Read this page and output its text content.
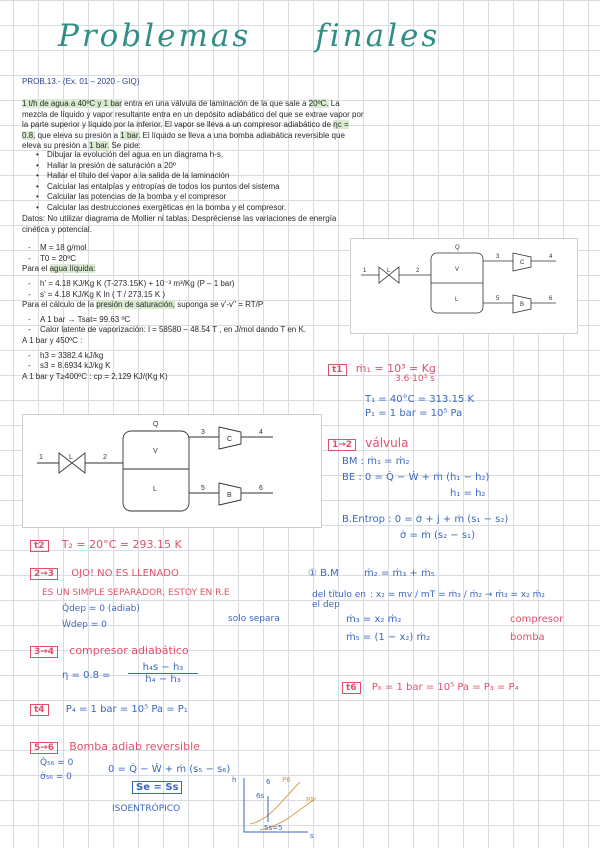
Problemas finales
PROB.13.- (Ex. 01 – 2020 - GIQ)
1 t/h de agua a 40ºC y 1 bar entra en una válvula de laminación de la que sale a 20ºC. La mezcla de líquido y vapor resultante entra en un depósito adiabático del que se extrae vapor por la parte superior y líquido por la inferior. El vapor se lleva a un compresor adiabático de ηc = 0.8, que eleva su presión a 1 bar. El líquido se lleva a una bomba adiabática reversible que eleva su presión a 1 bar. Se pide:
• Dibujar la evolución del agua en un diagrama h-s.
• Hallar la presión de saturación a 20º
• Hallar el título del vapor a la salida de la laminación
• Calcular las entalpías y entropías de todos los puntos del sistema
• Calcular las potencias de la bomba y el compresor
• Calcular las destrucciones exergéticas en la bomba y el compresor.
Datos: No utilizar diagrama de Mollier ni tablas. Despréciense las variaciones de energía cinética y potencial.
- M = 18 g/mol
- T0 = 20ºC
Para el agua líquida:
- h' = 4.18 KJ/Kg K (T-273.15K) + 10⁻³ m³/Kg (P – 1 bar)
- s' = 4.18 KJ/Kg K ln ( T / 273.15 K )
Para el cálculo de la presión de saturación, suponga se v'-v'' = RT/P
- A 1 bar → Tsat= 99.63 ºC
- Calor latente de vaporización: l = 58580 – 48.54 T , en J/mol dando T en K.
A 1 bar y 450ºC :
- h3 = 3382.4 kJ/kg
- s3 = 8.6934 kJ/kg K
A 1 bar y T≥400ºC : cp = 2,129 KJ/(Kg K)
1	L	2
Q
V
L
3
C
4
5
B
6
1	L	2
Q
V
L
3
C
4
5
B
6
t1 ṁ₁ = 10³ = Kg
3.6·10³ s
T₁ = 40°C = 313.15 K
P₁ = 1 bar = 10⁵ Pa
1→2 válvula
BM : ṁ₁ = ṁ₂
BE : 0 = Q̇ − Ẇ + ṁ (h₁ − h₂)
h₁ = h₂
B.Entrop : 0 = σ̇ + j + ṁ (s₁ − s₂)
σ̇ = ṁ (s₂ − s₁)
t2 T₂ = 20°C = 293.15 K
2→3 OJO! NO ES LLENADO
ES UN SIMPLE SEPARADOR, ESTOY EN R.E
Q̇dep = 0 (adiab)
Ẇdep = 0
solo separa
3→4 compresor adiabático
$\eta = 0.8 = \frac{\text{h₄s − h₃}}{\text{h₄ − h₃}}$
t4 P₄ = 1 bar = 10⁵ Pa = P₁
5→6 Bomba adiab reversible
Q̇₅₆ = 0
σ̇₅₆ = 0
0 = Q̇ − Ẇ + ṁ (s₅ − s₆)
Se = Ss
ISOENTRÓPICO
h
s
6
6s
P6
P5
5s=5
① B.M	ṁ₂ = ṁ₃ + ṁ₅
del título en el dep
: x₂ = mv / mT = ṁ₃ / ṁ₂ → ṁ₃ = x₂ ṁ₂
ṁ₃ = x₂ ṁ₂
ṁ₅ = (1 − x₂) ṁ₂
compresor
bomba
t6 P₆ = 1 bar = 10⁵ Pa = P₃ = P₄
